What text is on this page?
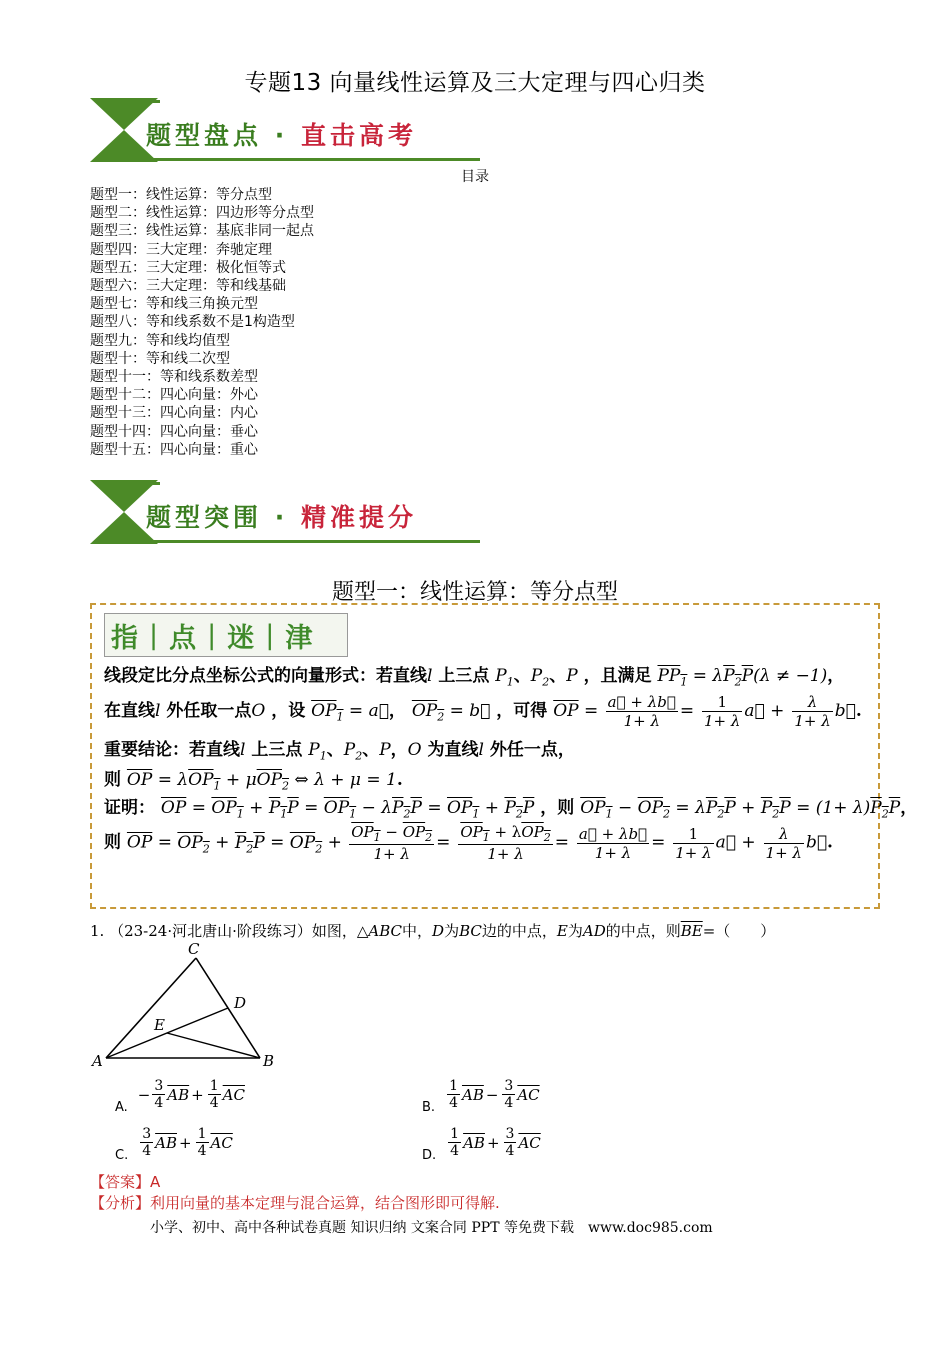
专题13 向量线性运算及三大定理与四心归类
题型盘点 · 直击高考
目录
题型一：线性运算：等分点型
题型二：线性运算：四边形等分点型
题型三：线性运算：基底非同一起点
题型四：三大定理：奔驰定理
题型五：三大定理：极化恒等式
题型六：三大定理：等和线基础
题型七：等和线三角换元型
题型八：等和线系数不是1构造型
题型九：等和线均值型
题型十：等和线二次型
题型十一：等和线系数差型
题型十二：四心向量：外心
题型十三：四心向量：内心
题型十四：四心向量：垂心
题型十五：四心向量：重心
题型突围 · 精准提分
题型一：线性运算：等分点型
指 | 点 | 迷 | 津
线段定比分点坐标公式的向量形式：若直线l 上三点 $P_1$、$P_2$、P ，且满足 $PP_1 = \lambda P_2P(\lambda \ne -1)$，
在直线l 外任取一点O ，设 $OP_1$ = a⃗， $OP_2$ = b⃗ ，可得 $\overline{OP} = \frac{a⃗ + \lambda b⃗}{1+ \lambda} = \frac{1}{1+ \lambda}$ a⃗ + $\frac{\lambda}{1+ \lambda}$ b⃗.
重要结论：若直线l 上三点 $P_1$、$P_2$、P，O 为直线l 外任一点，
则 $\overline{OP} = \lambda OP_1 + \mu OP_2$ ⇔ λ + μ = 1.
证明： $\overline{OP} = OP_1 + P_1P = OP_1 - \lambda P_2P = OP_1 + P_2P$ ，则 $OP_1 - OP_2 = \lambda P_2P + P_2P = (1+ \lambda)P_2P$，
则 $\overline{OP} = OP_2 + P_2P = OP_2 + \frac{OP_1 - OP_2}{1+ \lambda} = \frac{OP_1 + \lambda OP_2}{1+ \lambda} = \frac{a⃗ + \lambda b⃗}{1+ \lambda} = \frac{1}{1+ \lambda}$ a⃗ + $\frac{\lambda}{1+ \lambda}$ b⃗.
1. （23-24·河北唐山·阶段练习）如图，△ABC中，D为BC边的中点，E为AD的中点，则$\overline{BE}=$（　　）
A	B
C
D
E
A.
− $\frac{3}{4} \overline{AB} + \frac{1}{4} \overline{AC}$
B. $\frac{1}{4} \overline{AB} - \frac{3}{4} \overline{AC}$
C. $\frac{3}{4} \overline{AB} + \frac{1}{4} \overline{AC}$
D. $\frac{1}{4} \overline{AB} + \frac{3}{4} \overline{AC}$
【答案】A
【分析】利用向量的基本定理与混合运算，结合图形即可得解.
小学、初中、高中各种试卷真题 知识归纳 文案合同 PPT 等免费下载　www.doc985.com
